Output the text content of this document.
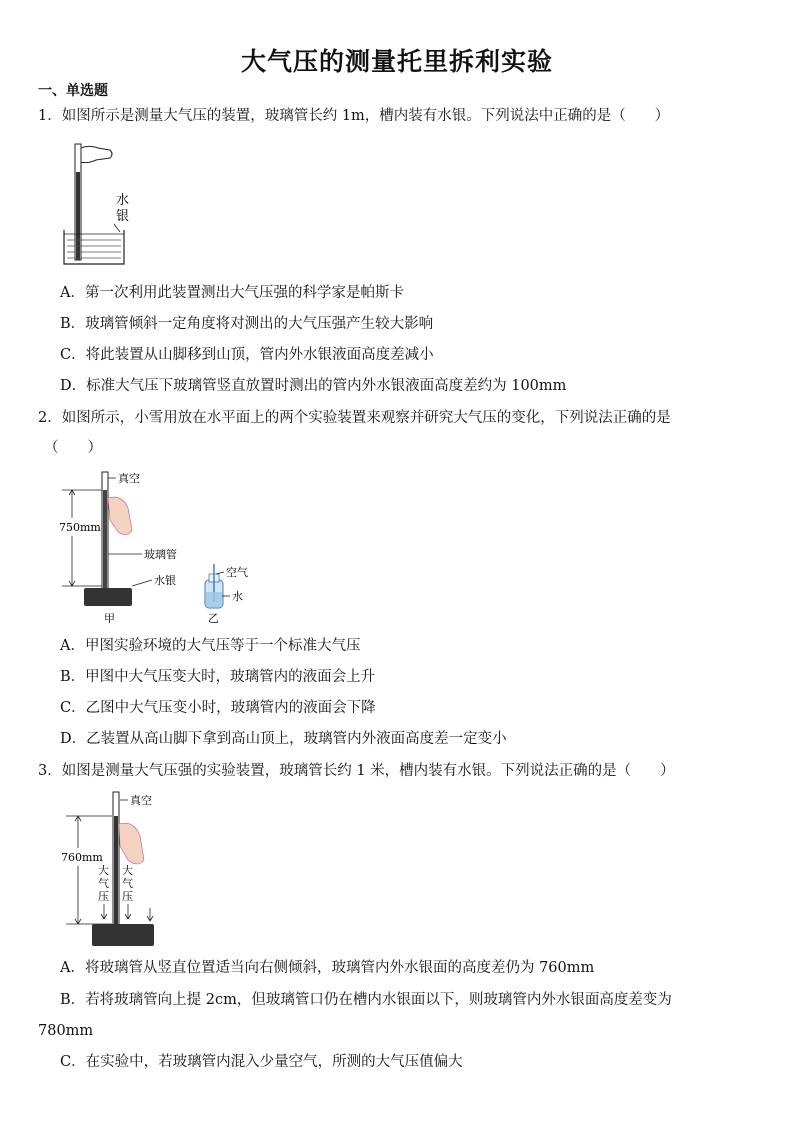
大气压的测量托里拆利实验
一、单选题
1．如图所示是测量大气压的装置，玻璃管长约 1m，槽内装有水银。下列说法中正确的是（　　）
水
银
A．第一次利用此装置测出大气压强的科学家是帕斯卡
B．玻璃管倾斜一定角度将对测出的大气压强产生较大影响
C．将此装置从山脚移到山顶，管内外水银液面高度差减小
D．标准大气压下玻璃管竖直放置时测出的管内外水银液面高度差约为 100mm
2．如图所示，小雪用放在水平面上的两个实验装置来观察并研究大气压的变化，下列说法正确的是
（　　）
750mm
真空
玻璃管
水银
甲
空气
水
乙
A．甲图实验环境的大气压等于一个标准大气压
B．甲图中大气压变大时，玻璃管内的液面会上升
C．乙图中大气压变小时，玻璃管内的液面会下降
D．乙装置从高山脚下拿到高山顶上，玻璃管内外液面高度差一定变小
3．如图是测量大气压强的实验装置，玻璃管长约 1 米，槽内装有水银。下列说法正确的是（　　）
760mm
真空
大
气
压
大
气
压
A．将玻璃管从竖直位置适当向右侧倾斜，玻璃管内外水银面的高度差仍为 760mm
B．若将玻璃管向上提 2cm，但玻璃管口仍在槽内水银面以下，则玻璃管内外水银面高度差变为
780mm
C．在实验中，若玻璃管内混入少量空气，所测的大气压值偏大
